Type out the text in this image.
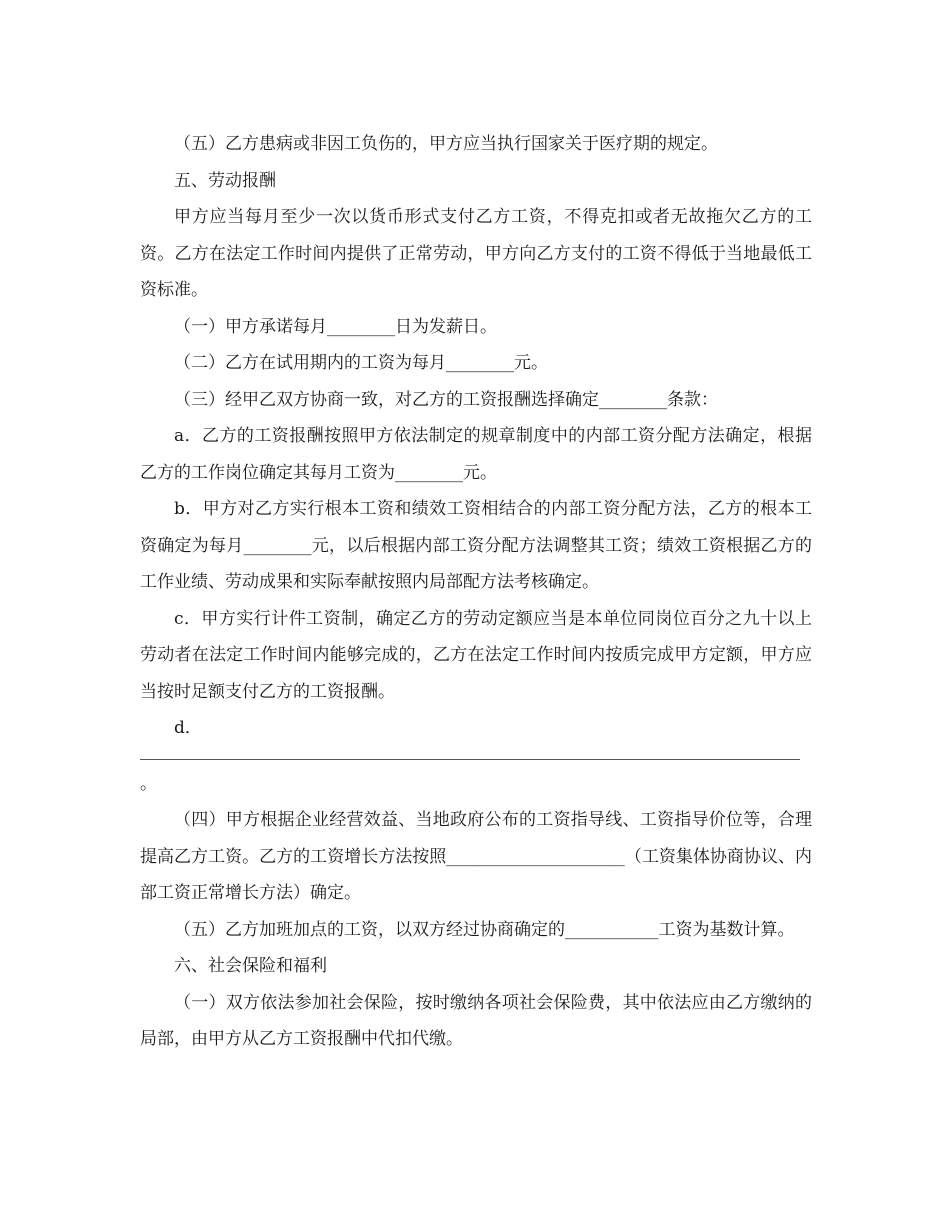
（五）乙方患病或非因工负伤的，甲方应当执行国家关于医疗期的规定。

五、劳动报酬

甲方应当每月至少一次以货币形式支付乙方工资，不得克扣或者无故拖欠乙方的工资。乙方在法定工作时间内提供了正常劳动，甲方向乙方支付的工资不得低于当地最低工资标准。

（一）甲方承诺每月________日为发薪日。

（二）乙方在试用期内的工资为每月________元。

（三）经甲乙双方协商一致，对乙方的工资报酬选择确定________条款：

a．乙方的工资报酬按照甲方依法制定的规章制度中的内部工资分配方法确定，根据乙方的工作岗位确定其每月工资为________元。

b．甲方对乙方实行根本工资和绩效工资相结合的内部工资分配方法，乙方的根本工资确定为每月________元，以后根据内部工资分配方法调整其工资；绩效工资根据乙方的工作业绩、劳动成果和实际奉献按照内局部配方法考核确定。

c．甲方实行计件工资制，确定乙方的劳动定额应当是本单位同岗位百分之九十以上劳动者在法定工作时间内能够完成的，乙方在法定工作时间内按质完成甲方定额，甲方应当按时足额支付乙方的工资报酬。

d．

。

（四）甲方根据企业经营效益、当地政府公布的工资指导线、工资指导价位等，合理提高乙方工资。乙方的工资增长方法按照_____________________（工资集体协商协议、内部工资正常增长方法）确定。

（五）乙方加班加点的工资，以双方经过协商确定的___________工资为基数计算。

六、社会保险和福利

（一）双方依法参加社会保险，按时缴纳各项社会保险费，其中依法应由乙方缴纳的局部，由甲方从乙方工资报酬中代扣代缴。
